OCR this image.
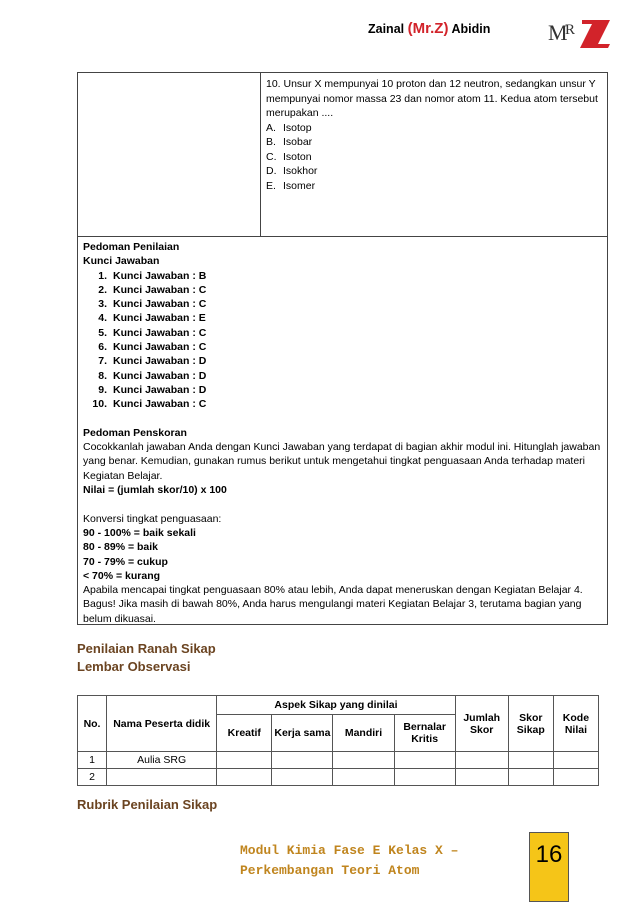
Zainal (Mr.Z) Abidin	M
R
10. Unsur X mempunyai 10 proton dan 12 neutron, sedangkan unsur Y mempunyai nomor massa 23 dan nomor atom 11. Kedua atom tersebut merupakan ....
A. Isotop
B. Isobar
C. Isoton
D. Isokhor
E. Isomer
Pedoman Penilaian
Kunci Jawaban
1. Kunci Jawaban : B
2. Kunci Jawaban : C
3. Kunci Jawaban : C
4. Kunci Jawaban : E
5. Kunci Jawaban : C
6. Kunci Jawaban : C
7. Kunci Jawaban : D
8. Kunci Jawaban : D
9. Kunci Jawaban : D
10. Kunci Jawaban : C
Pedoman Penskoran
Cocokkanlah jawaban Anda dengan Kunci Jawaban yang terdapat di bagian akhir modul ini. Hitunglah jawaban yang benar. Kemudian, gunakan rumus berikut untuk mengetahui tingkat penguasaan Anda terhadap materi Kegiatan Belajar.
Nilai = (jumlah skor/10) x 100
Konversi tingkat penguasaan:
90 - 100% = baik sekali
80 - 89% = baik
70 - 79% = cukup
< 70% = kurang
Apabila mencapai tingkat penguasaan 80% atau lebih, Anda dapat meneruskan dengan Kegiatan Belajar 4. Bagus! Jika masih di bawah 80%, Anda harus mengulangi materi Kegiatan Belajar 3, terutama bagian yang belum dikuasai.
Penilaian Ranah Sikap
Lembar Observasi
No.	Nama Peserta didik	Aspek Sikap yang dinilai				Jumlah Skor	Skor Sikap	Kode Nilai
		Kreatif	Kerja sama	Mandiri	Bernalar Kritis			
1	Aulia SRG							
2								
Rubrik Penilaian Sikap
Modul Kimia Fase E Kelas X –
Perkembangan Teori Atom
16
